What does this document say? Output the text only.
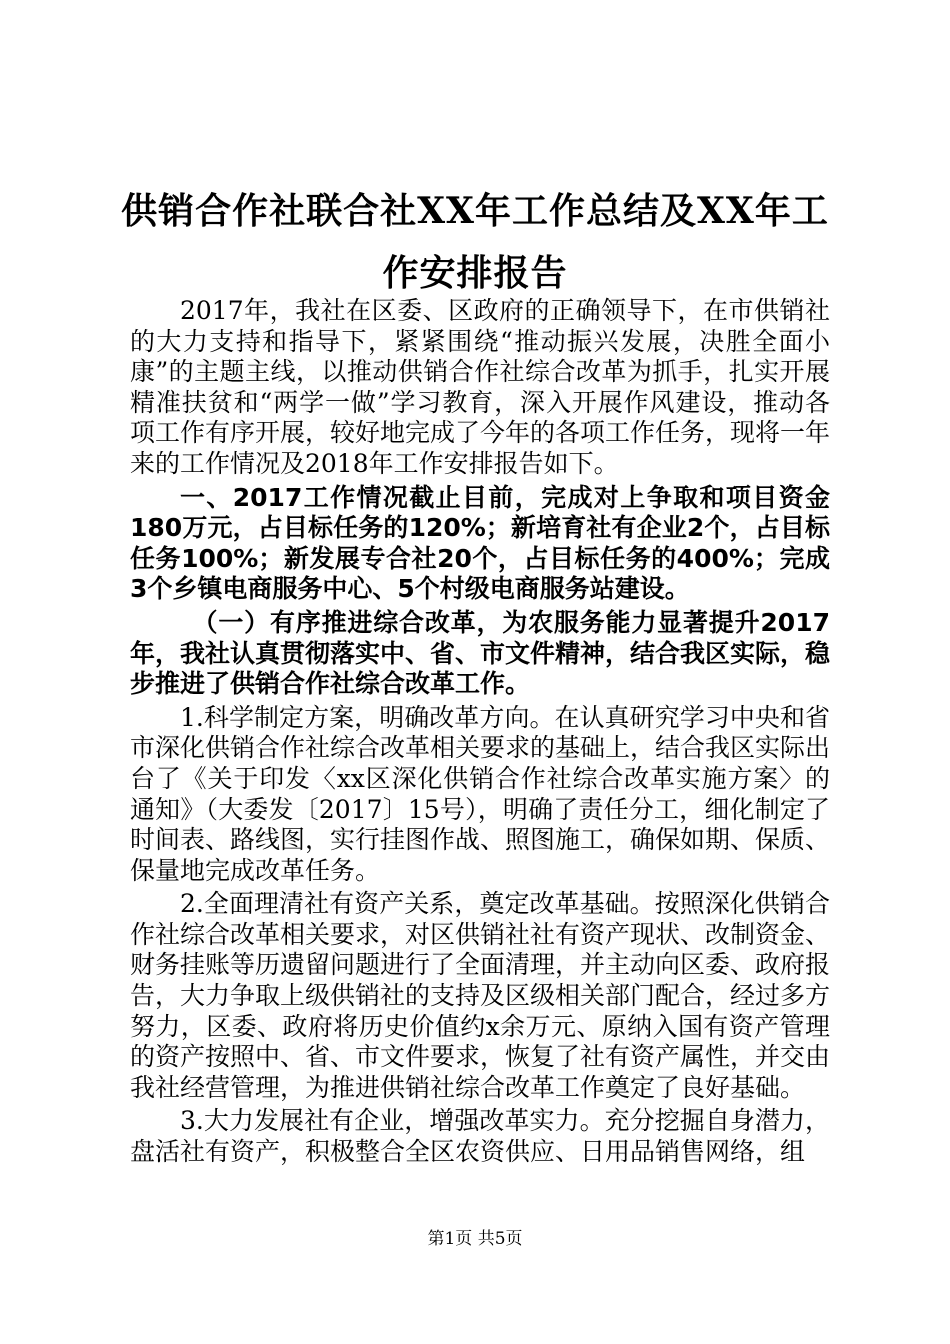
供销合作社联合社XX年工作总结及XX年工作安排报告

2017年，我社在区委、区政府的正确领导下，在市供销社的大力支持和指导下，紧紧围绕“推动振兴发展，决胜全面小康”的主题主线，以推动供销合作社综合改革为抓手，扎实开展精准扶贫和“两学一做”学习教育，深入开展作风建设，推动各项工作有序开展，较好地完成了今年的各项工作任务，现将一年来的工作情况及2018年工作安排报告如下。

一、2017工作情况截止目前，完成对上争取和项目资金180万元，占目标任务的120%；新培育社有企业2个，占目标任务100%；新发展专合社20个，占目标任务的400%；完成3个乡镇电商服务中心、5个村级电商服务站建设。

（一）有序推进综合改革，为农服务能力显著提升2017年，我社认真贯彻落实中、省、市文件精神，结合我区实际，稳步推进了供销合作社综合改革工作。

1.科学制定方案，明确改革方向。在认真研究学习中央和省市深化供销合作社综合改革相关要求的基础上，结合我区实际出台了《关于印发〈xx区深化供销合作社综合改革实施方案〉的通知》（大委发〔2017〕15号），明确了责任分工，细化制定了时间表、路线图，实行挂图作战、照图施工，确保如期、保质、保量地完成改革任务。

2.全面理清社有资产关系，奠定改革基础。按照深化供销合作社综合改革相关要求，对区供销社社有资产现状、改制资金、财务挂账等历遗留问题进行了全面清理，并主动向区委、政府报告，大力争取上级供销社的支持及区级相关部门配合，经过多方努力，区委、政府将历史价值约x余万元、原纳入国有资产管理的资产按照中、省、市文件要求，恢复了社有资产属性，并交由我社经营管理，为推进供销社综合改革工作奠定了良好基础。

3.大力发展社有企业，增强改革实力。充分挖掘自身潜力，盘活社有资产，积极整合全区农资供应、日用品销售网络，组

第1页 共5页
